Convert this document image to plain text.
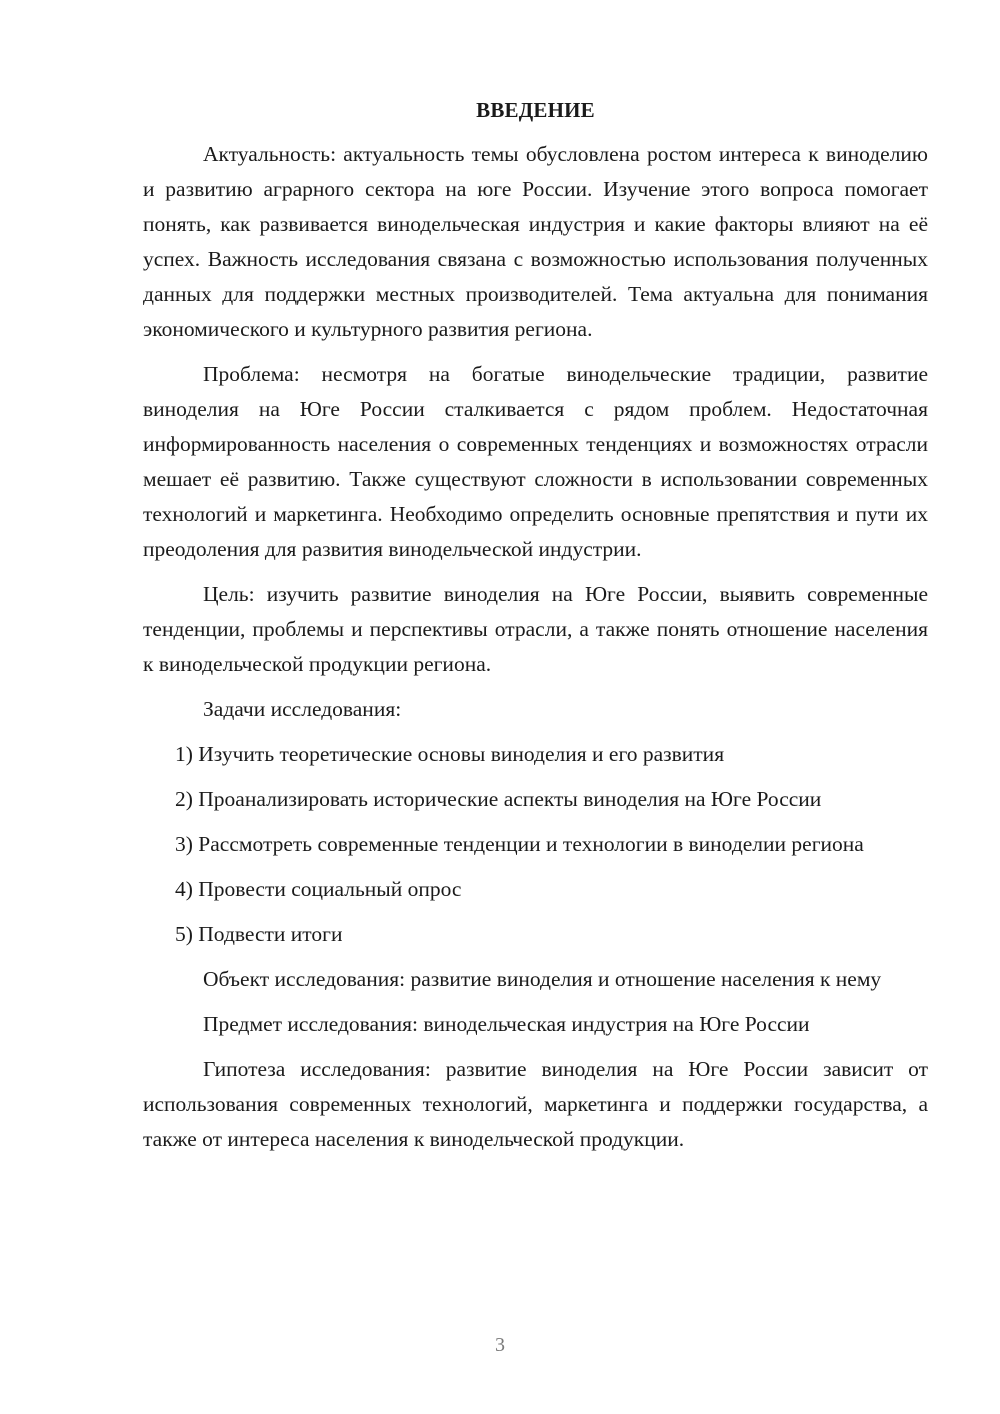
ВВЕДЕНИЕ

Актуальность: актуальность темы обусловлена ростом интереса к виноделию и развитию аграрного сектора на юге России. Изучение этого вопроса помогает понять, как развивается винодельческая индустрия и какие факторы влияют на её успех. Важность исследования связана с возможностью использования полученных данных для поддержки местных производителей. Тема актуальна для понимания экономического и культурного развития региона.

Проблема: несмотря на богатые винодельческие традиции, развитие виноделия на Юге России сталкивается с рядом проблем. Недостаточная информированность населения о современных тенденциях и возможностях отрасли мешает её развитию. Также существуют сложности в использовании современных технологий и маркетинга. Необходимо определить основные препятствия и пути их преодоления для развития винодельческой индустрии.

Цель: изучить развитие виноделия на Юге России, выявить современные тенденции, проблемы и перспективы отрасли, а также понять отношение населения к винодельческой продукции региона.

Задачи исследования:

1) Изучить теоретические основы виноделия и его развития

2) Проанализировать исторические аспекты виноделия на Юге России

3) Рассмотреть современные тенденции и технологии в виноделии региона

4) Провести социальный опрос

5) Подвести итоги

Объект исследования: развитие виноделия и отношение населения к нему

Предмет исследования: винодельческая индустрия на Юге России

Гипотеза исследования: развитие виноделия на Юге России зависит от использования современных технологий, маркетинга и поддержки государства, а также от интереса населения к винодельческой продукции.

3
